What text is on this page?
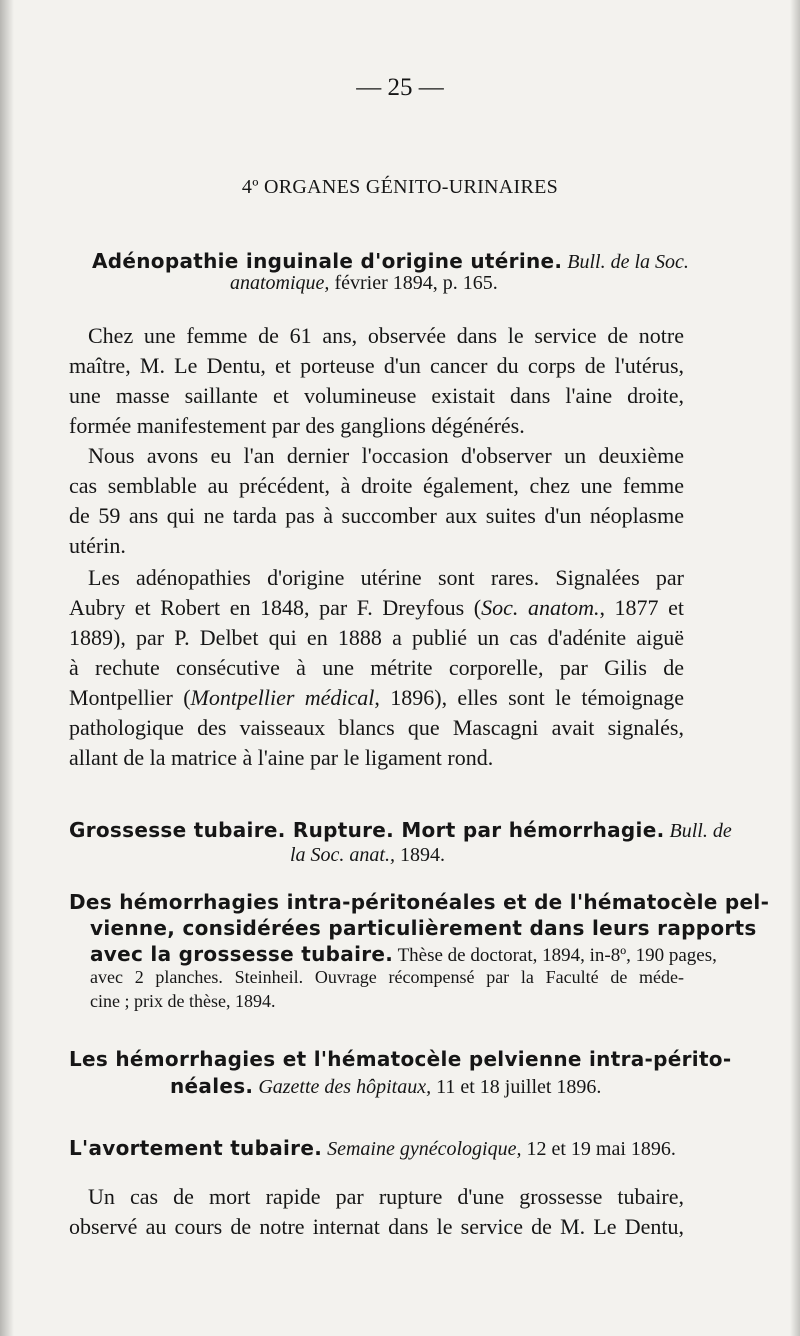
— 25 —
4º ORGANES GÉNITO-URINAIRES
Adénopathie inguinale d'origine utérine. Bull. de la Soc.
anatomique, février 1894, p. 165.
Chez une femme de 61 ans, observée dans le service de notre
maître, M. Le Dentu, et porteuse d'un cancer du corps de l'utérus,
une masse saillante et volumineuse existait dans l'aine droite,
formée manifestement par des ganglions dégénérés.
Nous avons eu l'an dernier l'occasion d'observer un deuxième
cas semblable au précédent, à droite également, chez une femme
de 59 ans qui ne tarda pas à succomber aux suites d'un néoplasme
utérin.
Les adénopathies d'origine utérine sont rares. Signalées par
Aubry et Robert en 1848, par F. Dreyfous (Soc. anatom., 1877 et
1889), par P. Delbet qui en 1888 a publié un cas d'adénite aiguë
à rechute consécutive à une métrite corporelle, par Gilis de
Montpellier (Montpellier médical, 1896), elles sont le témoignage
pathologique des vaisseaux blancs que Mascagni avait signalés,
allant de la matrice à l'aine par le ligament rond.
Grossesse tubaire. Rupture. Mort par hémorrhagie. Bull. de
la Soc. anat., 1894.
Des hémorrhagies intra-péritonéales et de l'hématocèle pel-
vienne, considérées particulièrement dans leurs rapports
avec la grossesse tubaire. Thèse de doctorat, 1894, in-8º, 190 pages,
avec 2 planches. Steinheil. Ouvrage récompensé par la Faculté de méde-
cine ; prix de thèse, 1894.
Les hémorrhagies et l'hématocèle pelvienne intra-périto-
néales. Gazette des hôpitaux, 11 et 18 juillet 1896.
L'avortement tubaire. Semaine gynécologique, 12 et 19 mai 1896.
Un cas de mort rapide par rupture d'une grossesse tubaire,
observé au cours de notre internat dans le service de M. Le Dentu,
